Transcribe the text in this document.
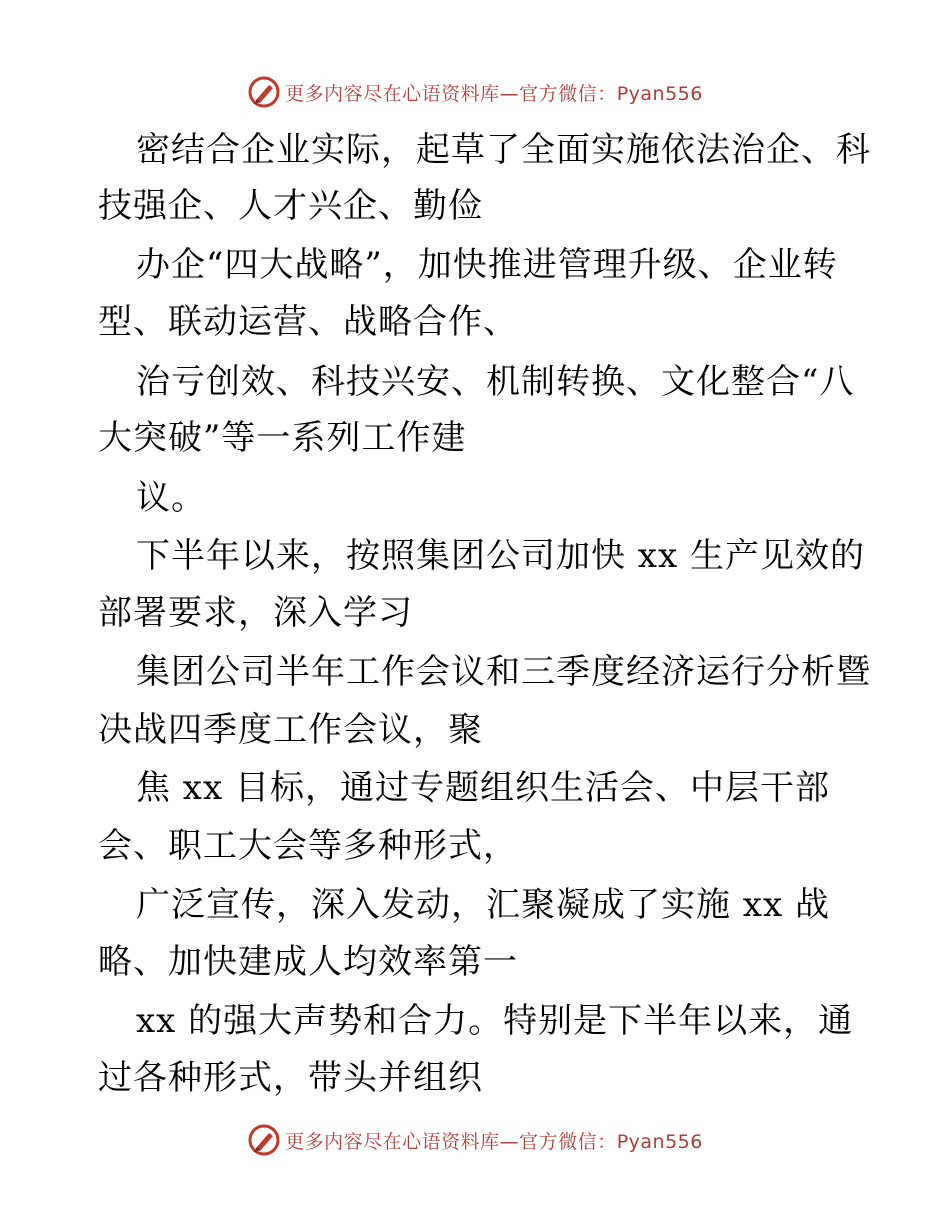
更多内容尽在心语资料库—官方微信：Pyan556
密结合企业实际，起草了全面实施依法治企、科
技强企、人才兴企、勤俭
办企“四大战略”，加快推进管理升级、企业转
型、联动运营、战略合作、
治亏创效、科技兴安、机制转换、文化整合“八
大突破”等一系列工作建
议。
下半年以来，按照集团公司加快 xx 生产见效的
部署要求，深入学习
集团公司半年工作会议和三季度经济运行分析暨
决战四季度工作会议，聚
焦 xx 目标，通过专题组织生活会、中层干部
会、职工大会等多种形式，
广泛宣传，深入发动，汇聚凝成了实施 xx 战
略、加快建成人均效率第一
xx 的强大声势和合力。特别是下半年以来，通
过各种形式，带头并组织
更多内容尽在心语资料库—官方微信：Pyan556
